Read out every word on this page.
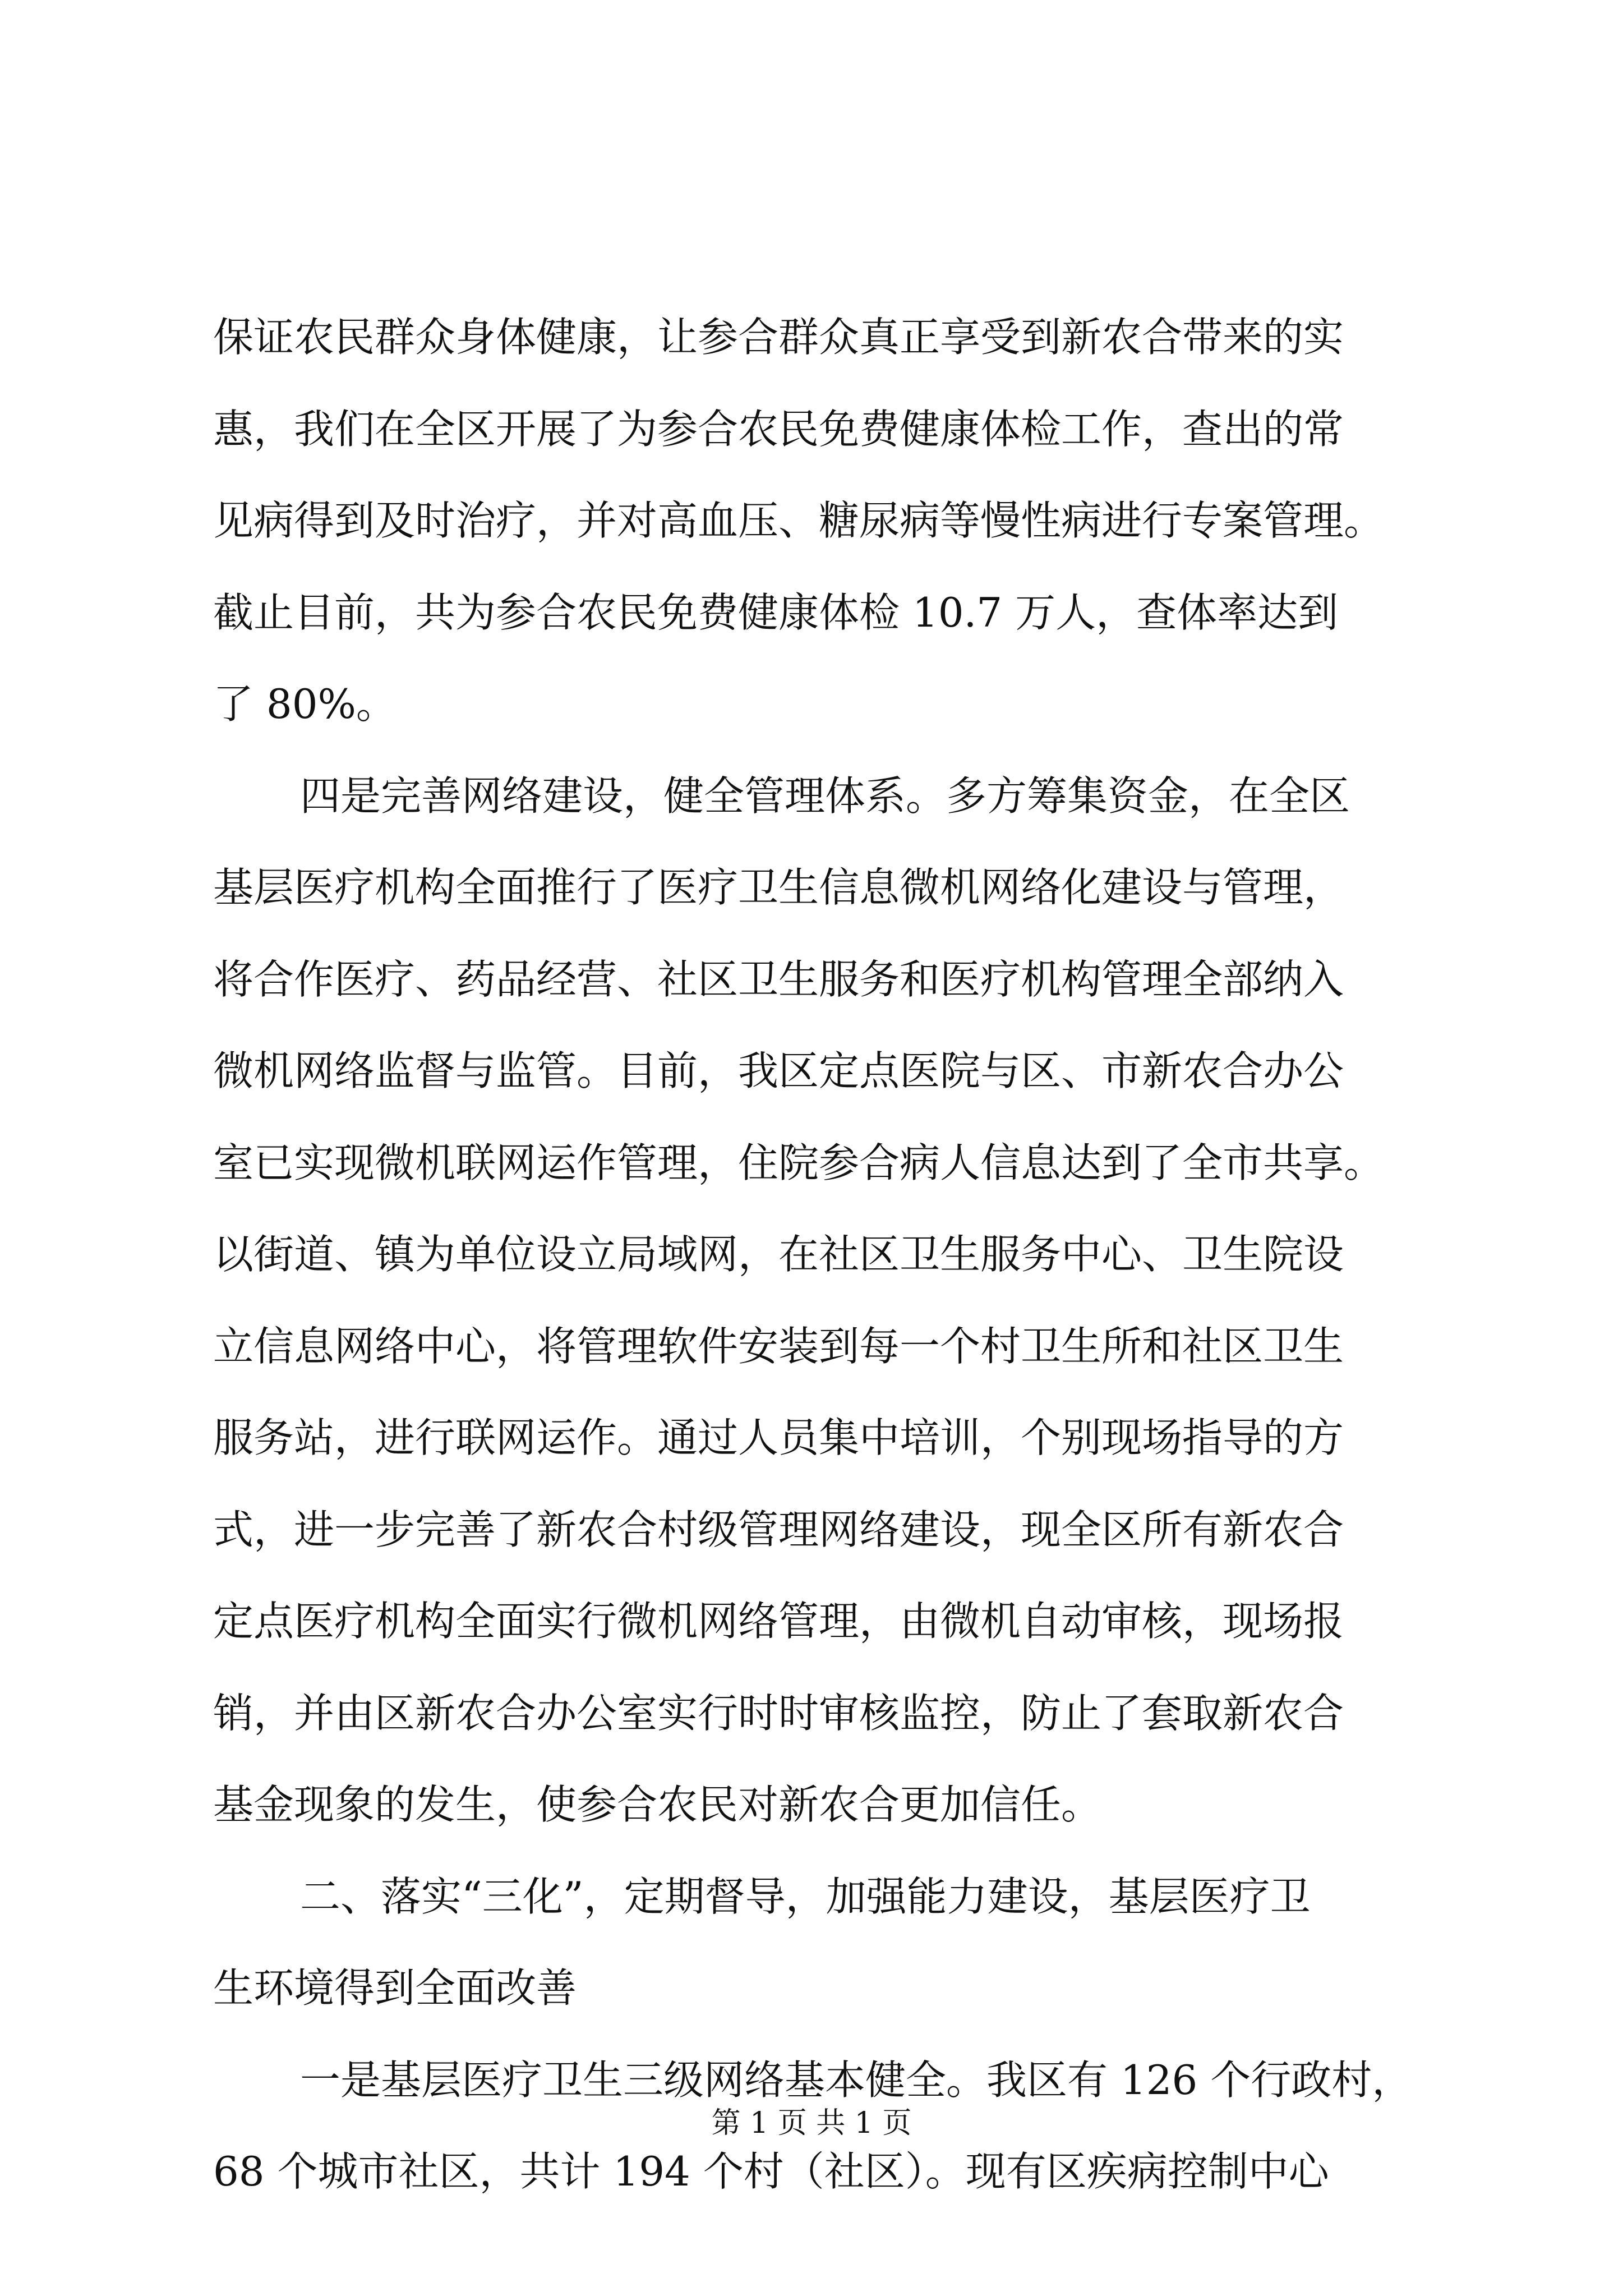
保证农民群众身体健康，让参合群众真正享受到新农合带来的实
惠，我们在全区开展了为参合农民免费健康体检工作，查出的常
见病得到及时治疗，并对高血压、糖尿病等慢性病进行专案管理。
截止目前，共为参合农民免费健康体检 10.7 万人，查体率达到
了 80%。
四是完善网络建设，健全管理体系。多方筹集资金，在全区
基层医疗机构全面推行了医疗卫生信息微机网络化建设与管理，
将合作医疗、药品经营、社区卫生服务和医疗机构管理全部纳入
微机网络监督与监管。目前，我区定点医院与区、市新农合办公
室已实现微机联网运作管理，住院参合病人信息达到了全市共享。
以街道、镇为单位设立局域网，在社区卫生服务中心、卫生院设
立信息网络中心，将管理软件安装到每一个村卫生所和社区卫生
服务站，进行联网运作。通过人员集中培训，个别现场指导的方
式，进一步完善了新农合村级管理网络建设，现全区所有新农合
定点医疗机构全面实行微机网络管理，由微机自动审核，现场报
销，并由区新农合办公室实行时时审核监控，防止了套取新农合
基金现象的发生，使参合农民对新农合更加信任。
二、落实“三化”，定期督导，加强能力建设，基层医疗卫
生环境得到全面改善
一是基层医疗卫生三级网络基本健全。我区有 126 个行政村，
68 个城市社区，共计 194 个村（社区）。现有区疾病控制中心
第 1 页 共 1 页
